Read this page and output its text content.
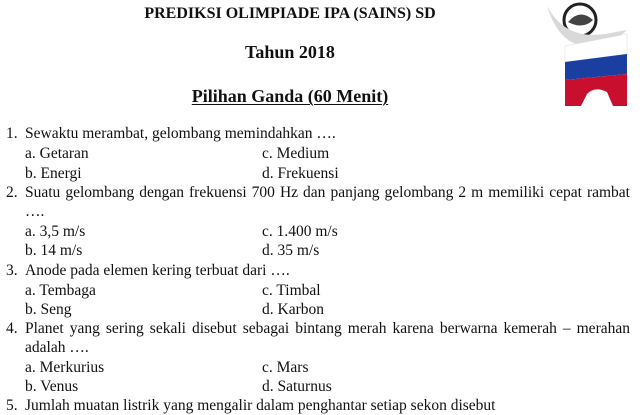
PREDIKSI OLIMPIADE IPA (SAINS) SD
Tahun 2018
Pilihan Ganda (60 Menit)
1. Sewaktu merambat, gelombang memindahkan ….
a. Getaran	c. Medium
b. Energi	d. Frekuensi
2. Suatu gelombang dengan frekuensi 700 Hz dan panjang gelombang 2 m memiliki cepat rambat ….
a. 3,5 m/s	c. 1.400 m/s
b. 14 m/s	d. 35 m/s
3. Anode pada elemen kering terbuat dari ….
a. Tembaga	c. Timbal
b. Seng	d. Karbon
4. Planet yang sering sekali disebut sebagai bintang merah karena berwarna kemerah – merahan adalah ….
a. Merkurius	c. Mars
b. Venus	d. Saturnus
5. Jumlah muatan listrik yang mengalir dalam penghantar setiap sekon disebut
